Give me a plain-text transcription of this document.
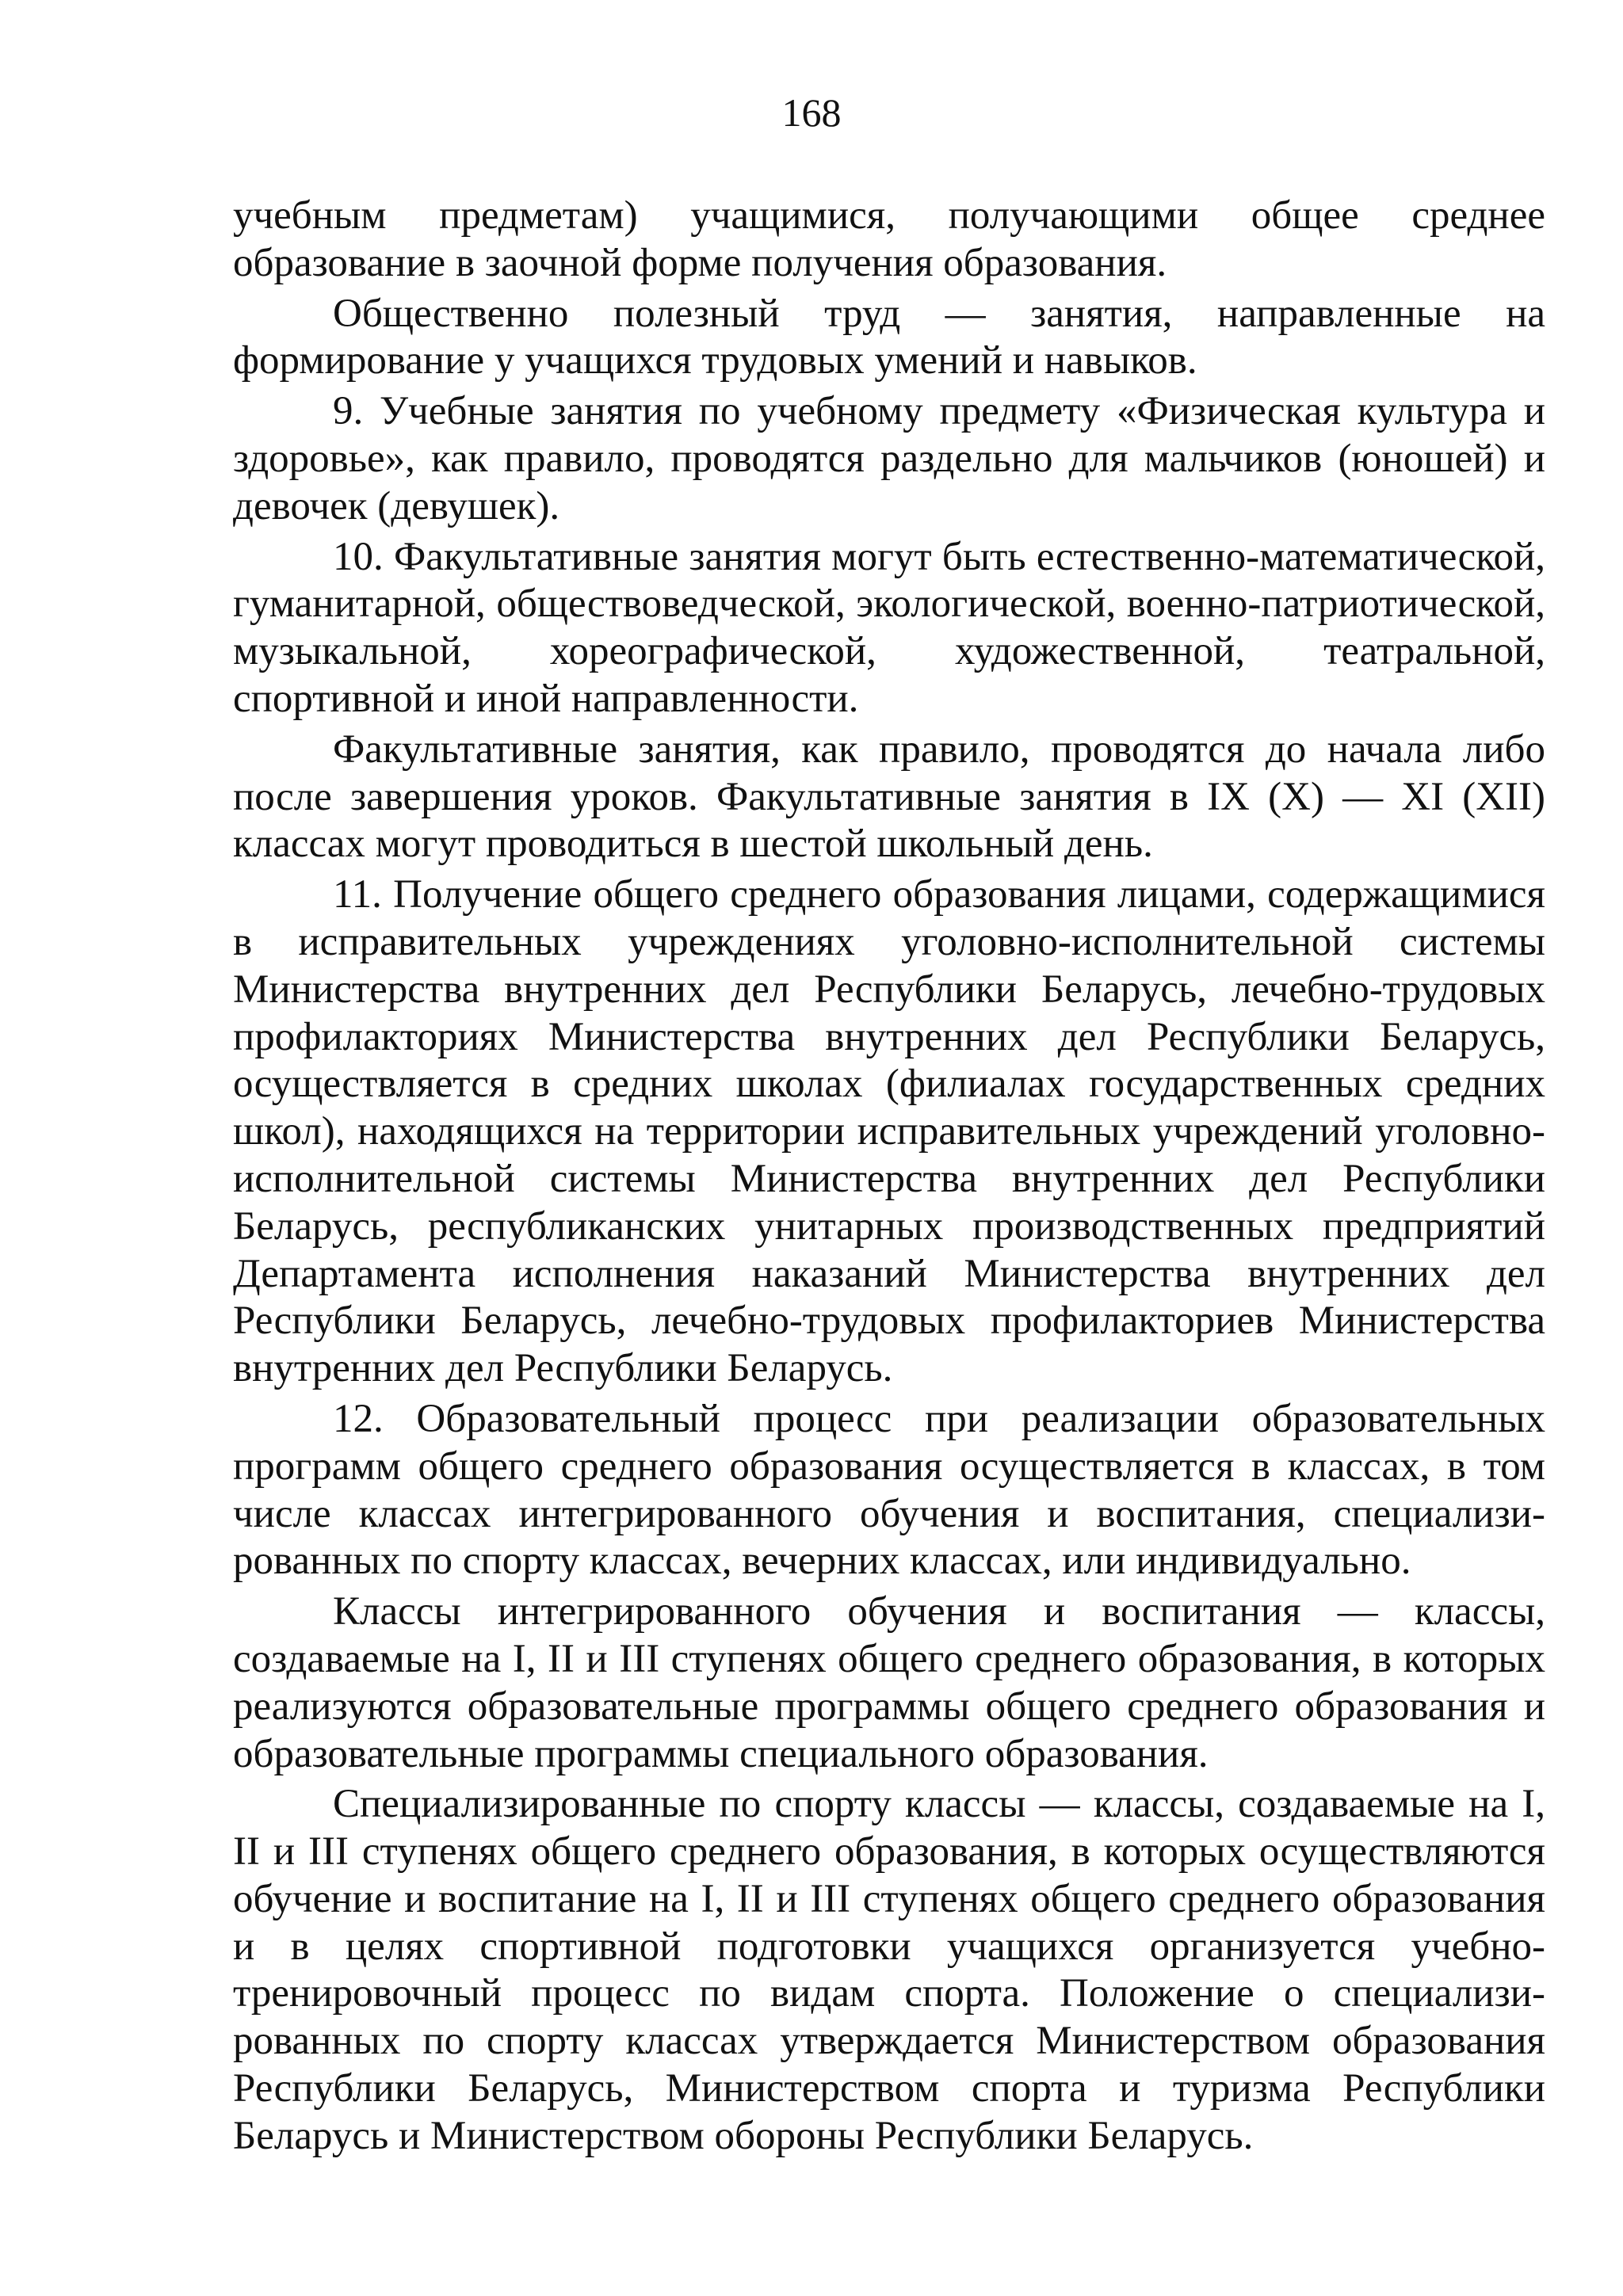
168

учебным предметам) учащимися, получающими общее среднее образование в заочной форме получения образования.

Общественно полезный труд — занятия, направленные на формирование у учащихся трудовых умений и навыков.

9. Учебные занятия по учебному предмету «Физическая культура и здоровье», как правило, проводятся раздельно для мальчиков (юношей) и девочек (девушек).

10. Факультативные занятия могут быть естественно-математической, гуманитарной, обществоведческой, экологической, военно-патриотической, музыкальной, хореографической, художественной, театральной, спортивной и иной направленности.

Факультативные занятия, как правило, проводятся до начала либо после завершения уроков. Факультативные занятия в IX (X) — XI (XII) классах могут проводиться в шестой школьный день.

11. Получение общего среднего образования лицами, содержащимися в исправительных учреждениях уголовно-исполнительной системы Министерства внутренних дел Республики Беларусь, лечебно-трудовых профилакториях Министерства внутренних дел Республики Беларусь, осуществляется в средних школах (филиалах государственных средних школ), находящихся на территории исправительных учреждений уголовно-исполнительной системы Министерства внутренних дел Республики Беларусь, республиканских унитарных производственных предприятий Департамента исполнения наказаний Министерства внутренних дел Республики Беларусь, лечебно-трудовых профилакториев Министерства внутренних дел Республики Беларусь.

12. Образовательный процесс при реализации образовательных программ общего среднего образования осуществляется в классах, в том числе классах интегрированного обучения и воспитания, специализированных по спорту классах, вечерних классах, или индивидуально.

Классы интегрированного обучения и воспитания — классы, создаваемые на I, II и III ступенях общего среднего образования, в которых реализуются образовательные программы общего среднего образования и образовательные программы специального образования.

Специализированные по спорту классы — классы, создаваемые на I, II и III ступенях общего среднего образования, в которых осуществляются обучение и воспитание на I, II и III ступенях общего среднего образования и в целях спортивной подготовки учащихся организуется учебно-тренировочный процесс по видам спорта. Положение о специализированных по спорту классах утверждается Министерством образования Республики Беларусь, Министерством спорта и туризма Республики Беларусь и Министерством обороны Республики Беларусь.
